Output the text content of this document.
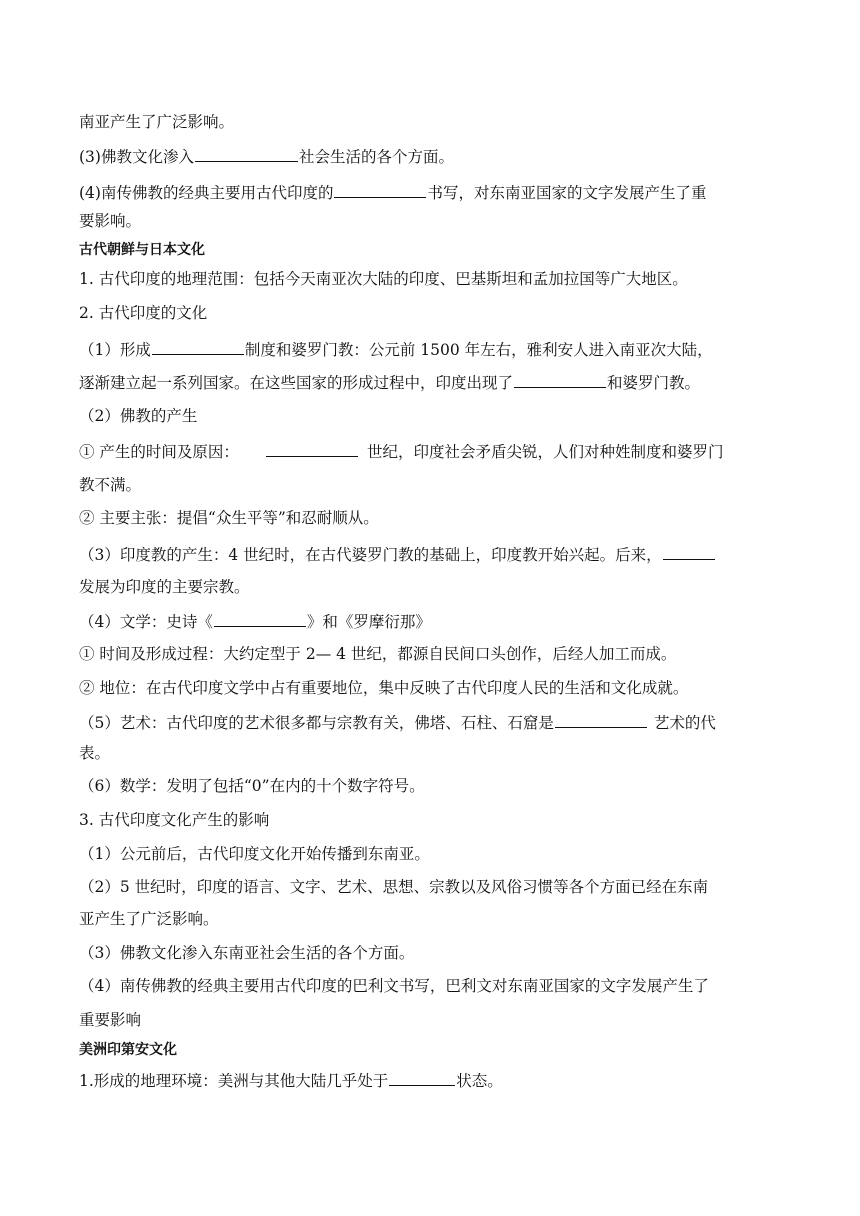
南亚产生了广泛影响。
(3)佛教文化渗入	社会生活的各个方面。
(4)南传佛教的经典主要用古代印度的	书写，对东南亚国家的文字发展产生了重
要影响。
古代朝鲜与日本文化
1. 古代印度的地理范围：包括今天南亚次大陆的印度、巴基斯坦和孟加拉国等广大地区。
2. 古代印度的文化
（1）形成	制度和婆罗门教：公元前 1500 年左右，雅利安人进入南亚次大陆，
逐渐建立起一系列国家。在这些国家的形成过程中，印度出现了	和婆罗门教。
（2）佛教的产生
① 产生的时间及原因：	世纪，印度社会矛盾尖锐，人们对种姓制度和婆罗门
教不满。
② 主要主张：提倡“众生平等”和忍耐顺从。
（3）印度教的产生：4 世纪时，在古代婆罗门教的基础上，印度教开始兴起。后来，
发展为印度的主要宗教。
（4）文学：史诗《	》和《罗摩衍那》
① 时间及形成过程：大约定型于 2— 4 世纪，都源自民间口头创作，后经人加工而成。
② 地位：在古代印度文学中占有重要地位，集中反映了古代印度人民的生活和文化成就。
（5）艺术：古代印度的艺术很多都与宗教有关，佛塔、石柱、石窟是	艺术的代
表。
（6）数学：发明了包括“0”在内的十个数字符号。
3. 古代印度文化产生的影响
（1）公元前后，古代印度文化开始传播到东南亚。
（2）5 世纪时，印度的语言、文字、艺术、思想、宗教以及风俗习惯等各个方面已经在东南
亚产生了广泛影响。
（3）佛教文化渗入东南亚社会生活的各个方面。
（4）南传佛教的经典主要用古代印度的巴利文书写，巴利文对东南亚国家的文字发展产生了
重要影响
美洲印第安文化
1.形成的地理环境：美洲与其他大陆几乎处于	状态。
